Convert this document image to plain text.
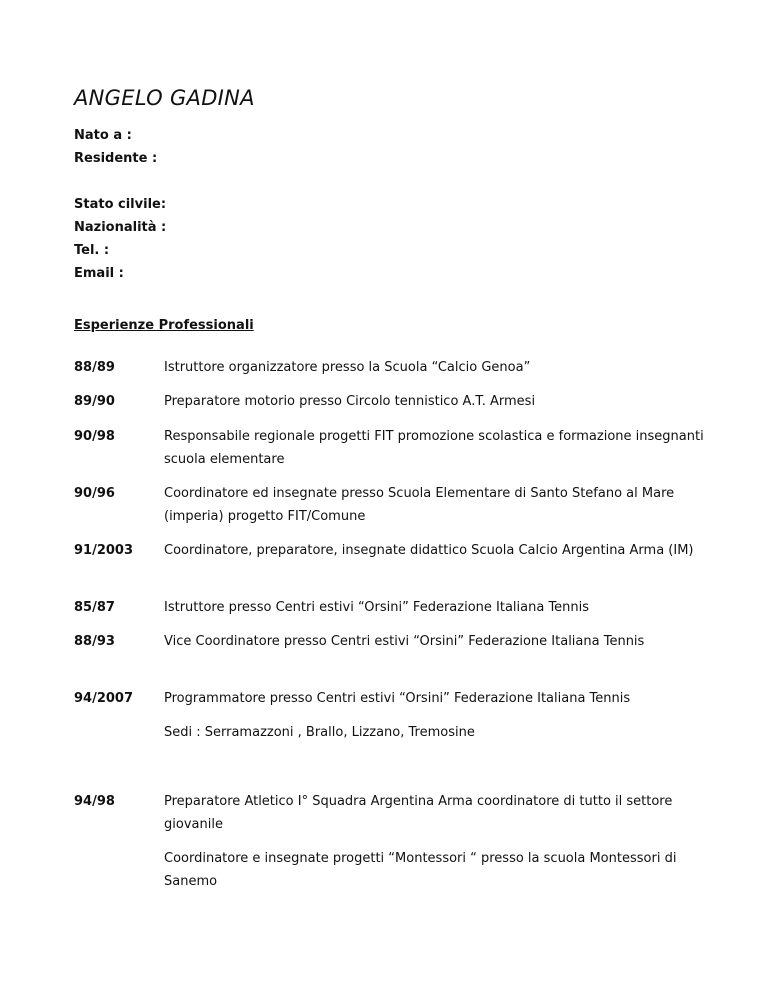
ANGELO GADINA
Nato a :
Residente :
Stato cilvile:
Nazionalità :
Tel. :
Email :
Esperienze Professionali
88/89	Istruttore organizzatore presso la Scuola “Calcio Genoa”
89/90	Preparatore motorio presso Circolo tennistico A.T. Armesi
90/98	Responsabile regionale progetti FIT promozione scolastica e formazione insegnanti scuola elementare
90/96	Coordinatore ed insegnate presso Scuola Elementare di Santo Stefano al Mare (imperia) progetto FIT/Comune
91/2003 Coordinatore, preparatore, insegnate didattico Scuola Calcio Argentina Arma (IM)
85/87	Istruttore presso Centri estivi “Orsini” Federazione Italiana Tennis
88/93	Vice Coordinatore presso Centri estivi “Orsini” Federazione Italiana Tennis
94/2007 Programmatore presso Centri estivi “Orsini” Federazione Italiana Tennis
Sedi : Serramazzoni , Brallo, Lizzano, Tremosine
94/98	Preparatore Atletico I° Squadra Argentina Arma coordinatore di tutto il settore giovanile
Coordinatore e insegnate progetti “Montessori “ presso la scuola Montessori di Sanemo
